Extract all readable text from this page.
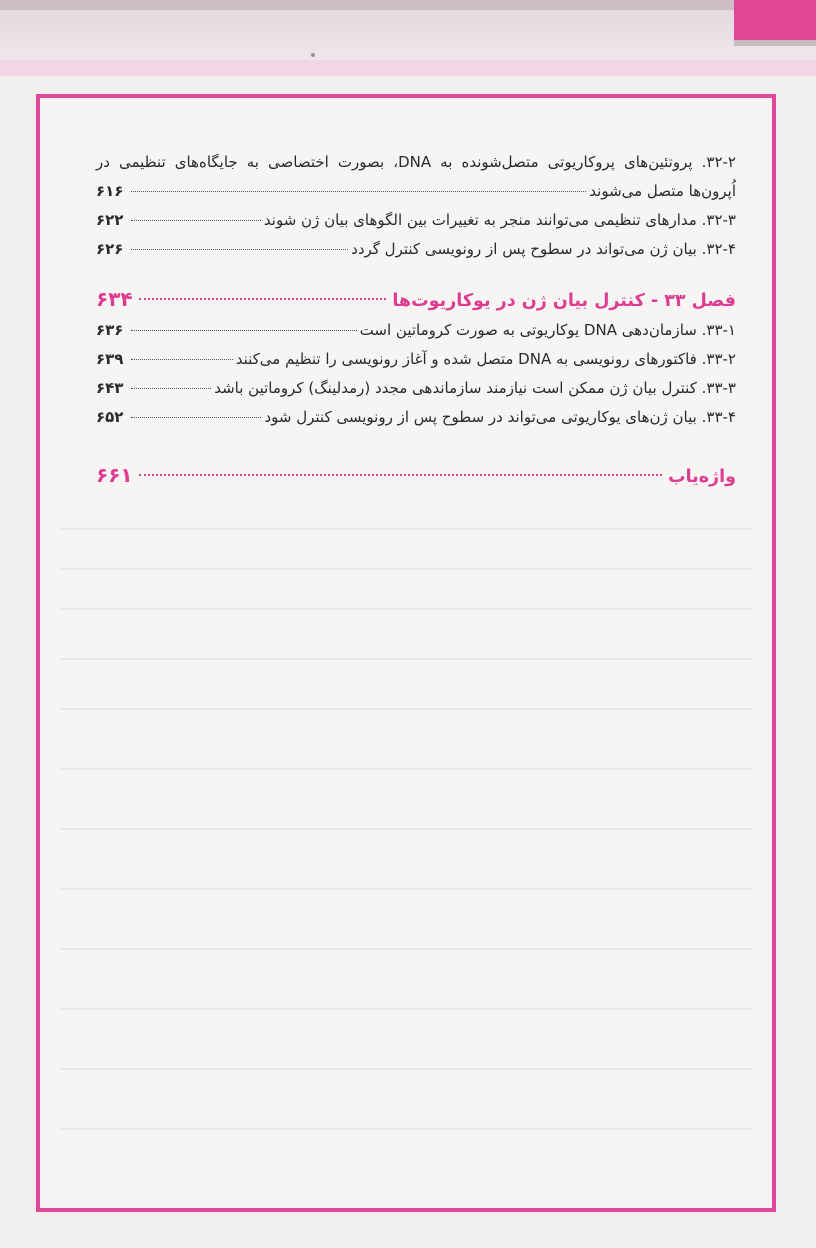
۳۲-۲. پروتئین‌های پروکاریوتی متصل‌شونده به DNA، بصورت اختصاصی به جایگاه‌های تنظیمی در
اُپرون‌ها متصل می‌شوند
۶۱۶
۳۲-۳. مدارهای تنظیمی می‌توانند منجر به تغییرات بین الگوهای بیان ژن شوند
۶۲۲
۳۲-۴. بیان ژن می‌تواند در سطوح پس از رونویسی کنترل گردد
۶۲۶
فصل ۳۳ - کنترل بیان ژن در یوکاریوت‌ها
۶۳۴
۳۳-۱. سازمان‌دهی DNA یوکاریوتی به صورت کروماتین است
۶۳۶
۳۳-۲. فاکتورهای رونویسی به DNA متصل شده و آغاز رونویسی را تنظیم می‌کنند
۶۳۹
۳۳-۳. کنترل بیان ژن ممکن است نیازمند سازماندهی مجدد (رمدلینگ) کروماتین باشد
۶۴۳
۳۳-۴. بیان ژن‌های یوکاریوتی می‌تواند در سطوح پس از رونویسی کنترل شود
۶۵۲
واژه‌یاب
۶۶۱
